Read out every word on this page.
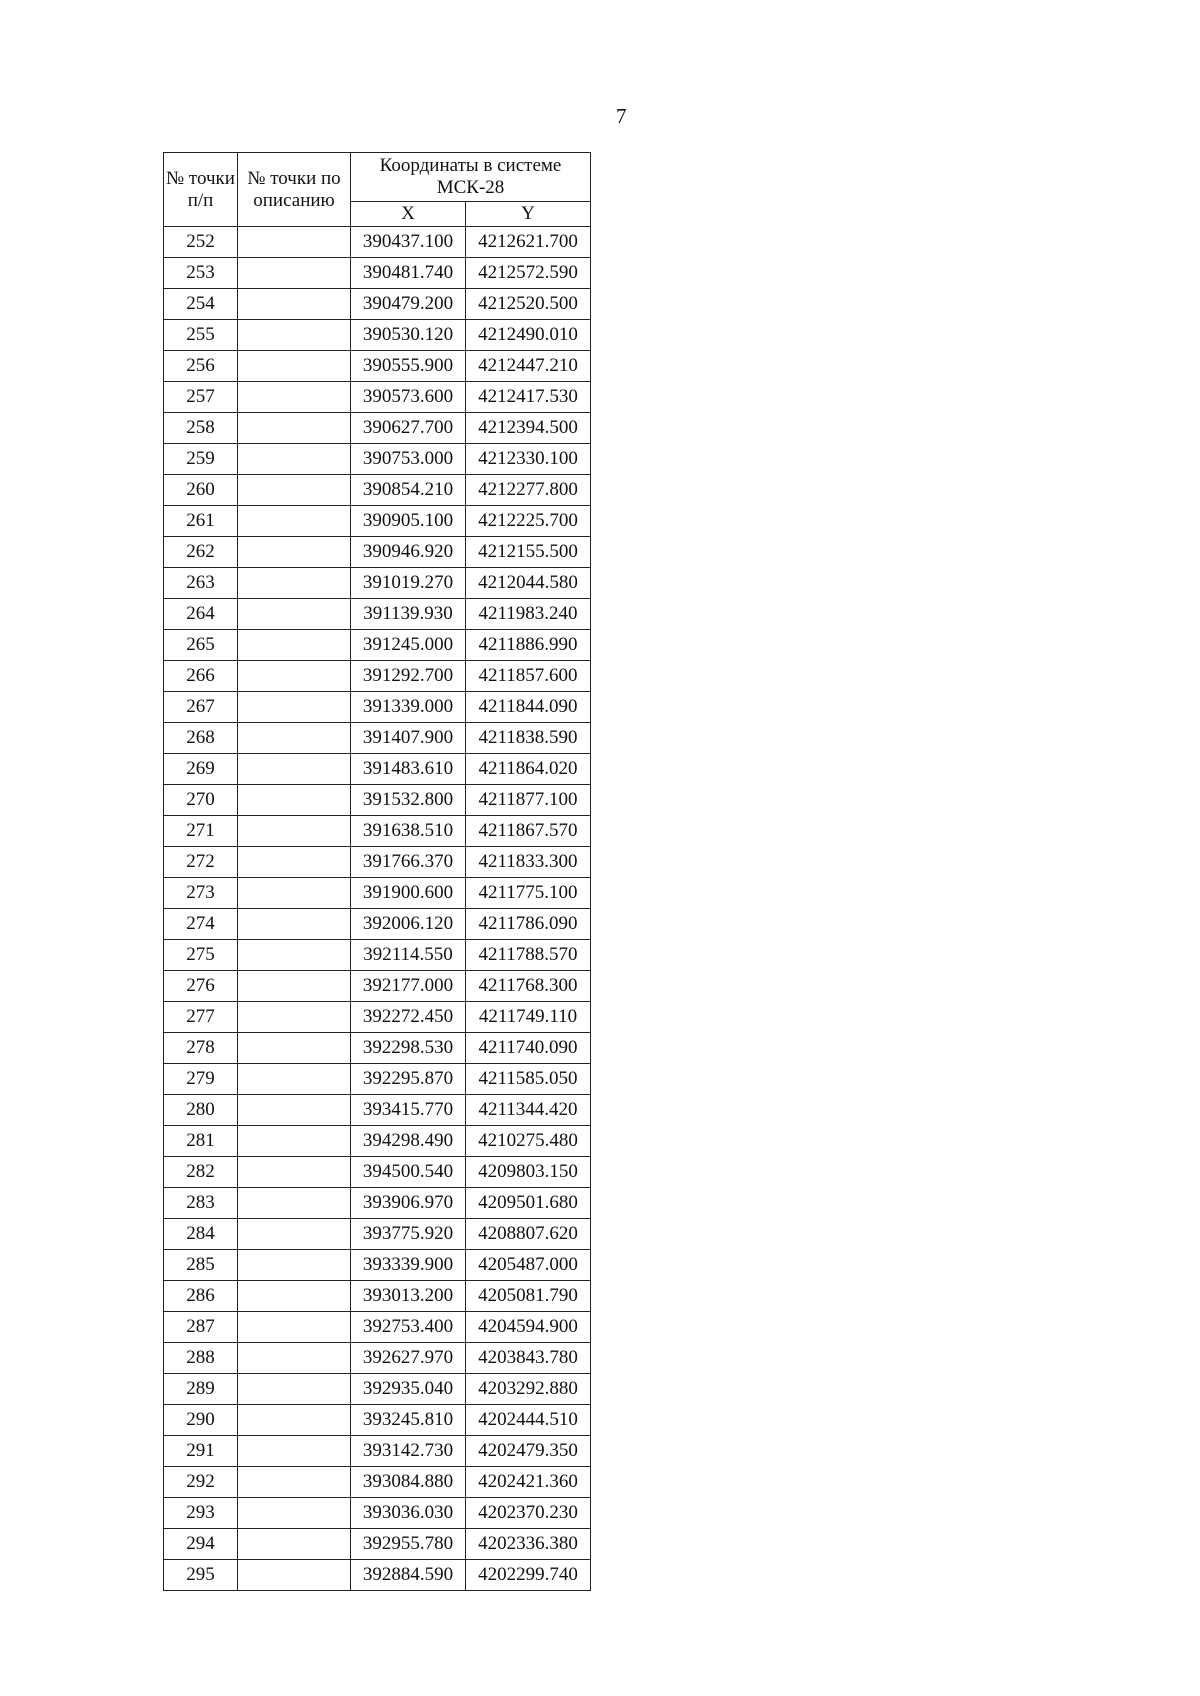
7
№ точки п/п	№ точки по описанию	Координаты в системе МСК-28	
		X	Y
252		390437.100	4212621.700
253		390481.740	4212572.590
254		390479.200	4212520.500
255		390530.120	4212490.010
256		390555.900	4212447.210
257		390573.600	4212417.530
258		390627.700	4212394.500
259		390753.000	4212330.100
260		390854.210	4212277.800
261		390905.100	4212225.700
262		390946.920	4212155.500
263		391019.270	4212044.580
264		391139.930	4211983.240
265		391245.000	4211886.990
266		391292.700	4211857.600
267		391339.000	4211844.090
268		391407.900	4211838.590
269		391483.610	4211864.020
270		391532.800	4211877.100
271		391638.510	4211867.570
272		391766.370	4211833.300
273		391900.600	4211775.100
274		392006.120	4211786.090
275		392114.550	4211788.570
276		392177.000	4211768.300
277		392272.450	4211749.110
278		392298.530	4211740.090
279		392295.870	4211585.050
280		393415.770	4211344.420
281		394298.490	4210275.480
282		394500.540	4209803.150
283		393906.970	4209501.680
284		393775.920	4208807.620
285		393339.900	4205487.000
286		393013.200	4205081.790
287		392753.400	4204594.900
288		392627.970	4203843.780
289		392935.040	4203292.880
290		393245.810	4202444.510
291		393142.730	4202479.350
292		393084.880	4202421.360
293		393036.030	4202370.230
294		392955.780	4202336.380
295		392884.590	4202299.740
